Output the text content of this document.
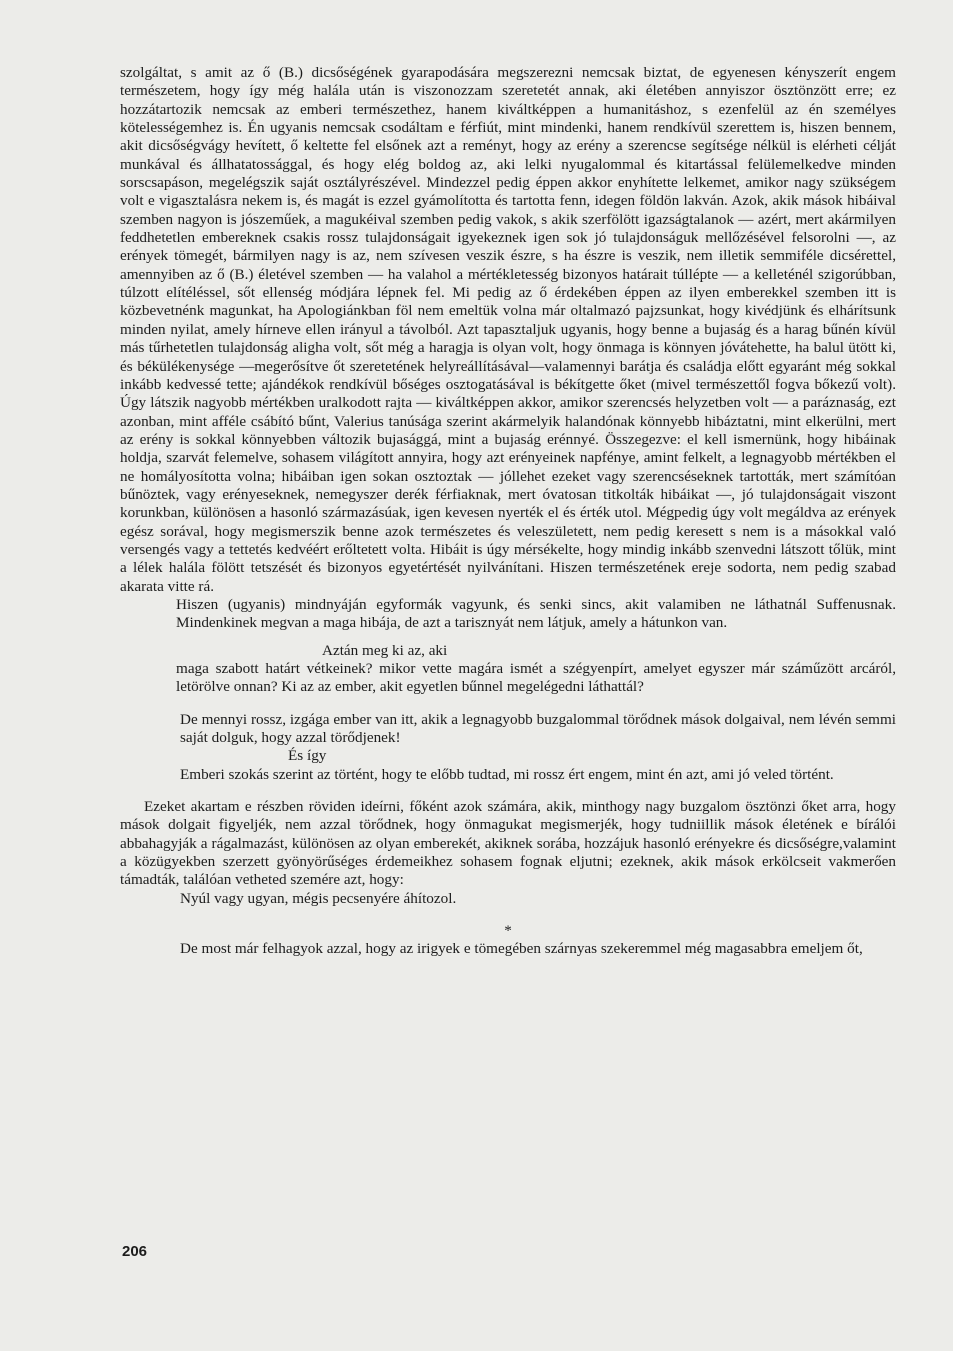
szolgáltat, s amit az ő (B.) dicsőségének gyarapodására megszerezni nemcsak biztat, de egyenesen kényszerít engem természetem, hogy így még halála után is viszonozzam szeretetét annak, aki életében annyiszor ösztönzött erre; ez hozzátartozik nemcsak az emberi természethez, hanem kiváltképpen a humanitáshoz, s ezenfelül az én személyes kötelességemhez is. Én ugyanis nemcsak csodáltam e férfiút, mint mindenki, hanem rendkívül szerettem is, hiszen bennem, akit dicsőségvágy hevített, ő keltette fel elsőnek azt a reményt, hogy az erény a szerencse segítsége nélkül is elérheti célját munkával és állhatatossággal, és hogy elég boldog az, aki lelki nyugalommal és kitartással felülemelkedve minden sorscsapáson, megelégszik saját osztályrészével. Mindezzel pedig éppen akkor enyhítette lelkemet, amikor nagy szükségem volt e vigasztalásra nekem is, és magát is ezzel gyámolította és tartotta fenn, idegen földön lakván. Azok, akik mások hibáival szemben nagyon is jószeműek, a magukéival szemben pedig vakok, s akik szerfölött igazságtalanok — azért, mert akármilyen feddhetetlen embereknek csakis rossz tulajdonságait igyekeznek igen sok jó tulajdonságuk mellőzésével felsorolni —, az erények tömegét, bármilyen nagy is az, nem szívesen veszik észre, s ha észre is veszik, nem illetik semmiféle dicsérettel, amennyiben az ő (B.) életével szemben — ha valahol a mértékletesség bizonyos határait túllépte — a kelleténél szigorúbban, túlzott elítéléssel, sőt ellenség módjára lépnek fel. Mi pedig az ő érdekében éppen az ilyen emberekkel szemben itt is közbevetnénk magunkat, ha Apologiánkban föl nem emeltük volna már oltalmazó pajzsunkat, hogy kivédjünk és elhárítsunk minden nyilat, amely hírneve ellen irányul a távolból. Azt tapasztaljuk ugyanis, hogy benne a bujaság és a harag bűnén kívül más tűrhetetlen tulajdonság aligha volt, sőt még a haragja is olyan volt, hogy önmaga is könnyen jóvátehette, ha balul ütött ki, és békülékenysége —megerősítve őt szeretetének helyreállításával—valamennyi barátja és családja előtt egyaránt még sokkal inkább kedvessé tette; ajándékok rendkívül bőséges osztogatásával is békítgette őket (mivel természettől fogva bőkezű volt). Úgy látszik nagyobb mértékben uralkodott rajta — kiváltképpen akkor, amikor szerencsés helyzetben volt — a paráznaság, ezt azonban, mint afféle csábító bűnt, Valerius tanúsága szerint akármelyik halandónak könnyebb hibáztatni, mint elkerülni, mert az erény is sokkal könnyebben változik bujasággá, mint a bujaság erénnyé. Összegezve: el kell ismernünk, hogy hibáinak holdja, szarvát felemelve, sohasem világított annyira, hogy azt erényeinek napfénye, amint felkelt, a legnagyobb mértékben el ne homályosította volna; hibáiban igen sokan osztoztak — jóllehet ezeket vagy szerencséseknek tartották, mert számítóan bűnöztek, vagy erényeseknek, nemegyszer derék férfiaknak, mert óvatosan titkolták hibáikat —, jó tulajdonságait viszont korunkban, különösen a hasonló származásúak, igen kevesen nyerték el és érték utol. Mégpedig úgy volt megáldva az erények egész sorával, hogy megismerszik benne azok természetes és veleszületett, nem pedig keresett s nem is a másokkal való versengés vagy a tettetés kedvéért erőltetett volta. Hibáit is úgy mérsékelte, hogy mindig inkább szenvedni látszott tőlük, mint a lélek halála fölött tetszését és bizonyos egyetértését nyilvánítani. Hiszen természetének ereje sodorta, nem pedig szabad akarata vitte rá.

Hiszen (ugyanis) mindnyáján egyformák vagyunk, és senki sincs, akit valamiben ne láthatnál Suffenusnak. Mindenkinek megvan a maga hibája, de azt a tarisznyát nem látjuk, amely a hátunkon van.

Aztán meg ki az, aki

maga szabott határt vétkeinek? mikor vette magára ismét a szégyenpírt, amelyet egyszer már száműzött arcáról, letörölve onnan? Ki az az ember, akit egyetlen bűnnel megelégedni láthattál?

De mennyi rossz, izgága ember van itt, akik a legnagyobb buzgalommal törődnek mások dolgaival, nem lévén semmi saját dolguk, hogy azzal törődjenek!

És így

Emberi szokás szerint az történt, hogy te előbb tudtad, mi rossz ért engem, mint én azt, ami jó veled történt.

Ezeket akartam e részben röviden ideírni, főként azok számára, akik, minthogy nagy buzgalom ösztönzi őket arra, hogy mások dolgait figyeljék, nem azzal törődnek, hogy önmagukat megismerjék, hogy tudniillik mások életének e bírálói abbahagyják a rágalmazást, különösen az olyan emberekét, akiknek sorába, hozzájuk hasonló erényekre és dicsőségre,valamint a közügyekben szerzett gyönyörűséges érdemeikhez sohasem fognak eljutni; ezeknek, akik mások erkölcseit vakmerően támadták, találóan vetheted szemére azt, hogy:

Nyúl vagy ugyan, mégis pecsenyére áhítozol.

*

De most már felhagyok azzal, hogy az irigyek e tömegében szárnyas szekeremmel még magasabbra emeljem őt,

206
